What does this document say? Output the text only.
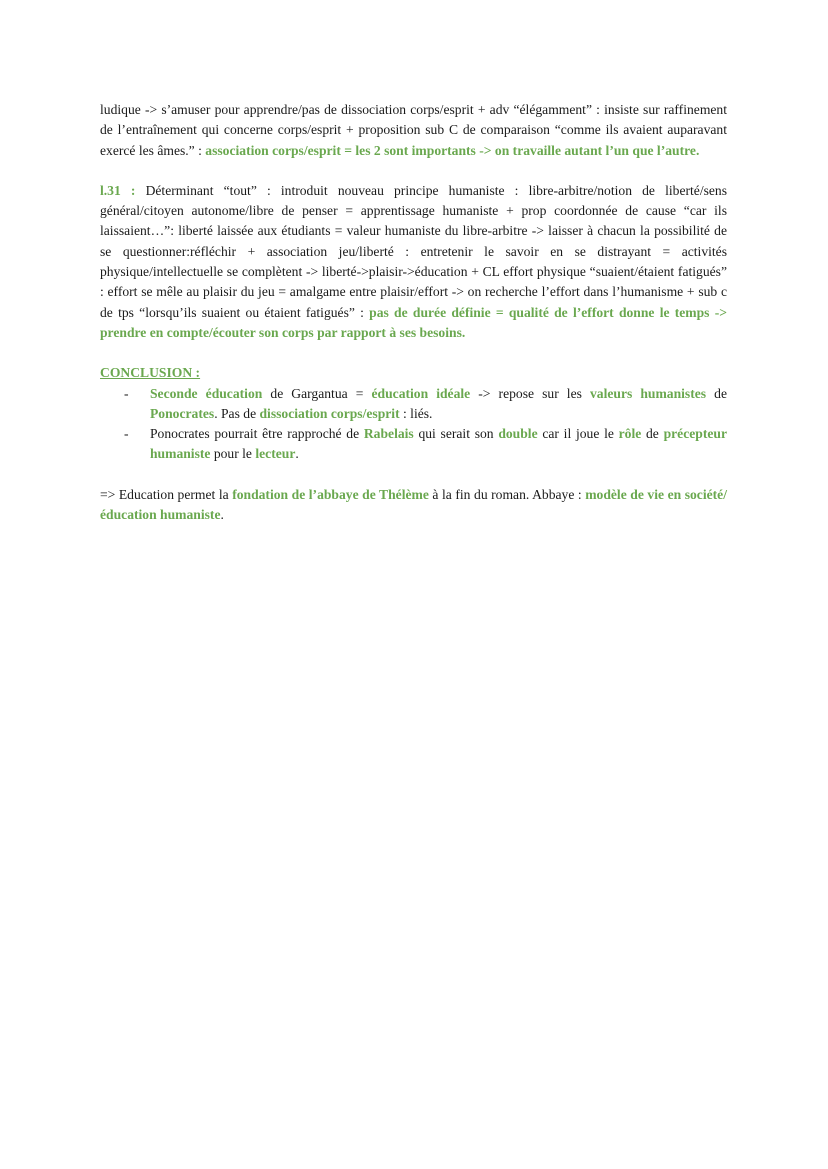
ludique -> s’amuser pour apprendre/pas de dissociation corps/esprit + adv “élégamment” : insiste sur raffinement de l’entraînement qui concerne corps/esprit + proposition sub C de comparaison “comme ils avaient auparavant exercé les âmes.” : association corps/esprit = les 2 sont importants -> on travaille autant l’un que l’autre.

l.31 : Déterminant “tout” : introduit nouveau principe humaniste : libre-arbitre/notion de liberté/sens général/citoyen autonome/libre de penser = apprentissage humaniste + prop coordonnée de cause “car ils laissaient…”: liberté laissée aux étudiants = valeur humaniste du libre-arbitre -> laisser à chacun la possibilité de se questionner:réfléchir + association jeu/liberté : entretenir le savoir en se distrayant = activités physique/intellectuelle se complètent -> liberté->plaisir->éducation + CL effort physique “suaient/étaient fatigués” : effort se mêle au plaisir du jeu = amalgame entre plaisir/effort -> on recherche l’effort dans l’humanisme + sub c de tps “lorsqu’ils suaient ou étaient fatigués” : pas de durée définie = qualité de l’effort donne le temps -> prendre en compte/écouter son corps par rapport à ses besoins.

CONCLUSION :

- Seconde éducation de Gargantua = éducation idéale -> repose sur les valeurs humanistes de Ponocrates. Pas de dissociation corps/esprit : liés.
- Ponocrates pourrait être rapproché de Rabelais qui serait son double car il joue le rôle de précepteur humaniste pour le lecteur.

=> Education permet la fondation de l’abbaye de Thélème à la fin du roman. Abbaye : modèle de vie en société/éducation humaniste.
